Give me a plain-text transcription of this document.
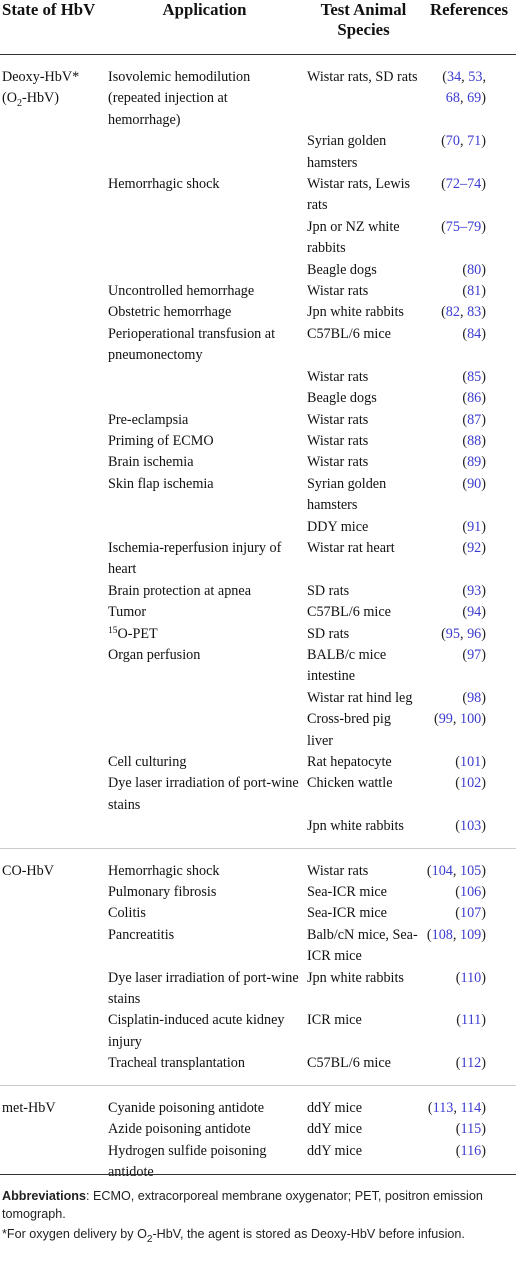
State of HbV	Application	Test Animal Species	References
Deoxy-HbV*
$(O_2-HbV)$	Isovolemic hemodilution (repeated injection at hemorrhage)	Wistar rats, SD rats	(34, 53, 68, 69)
		Syrian golden hamsters	(70, 71)
	Hemorrhagic shock	Wistar rats, Lewis rats	(72–74)
		Jpn or NZ white rabbits	(75–79)
		Beagle dogs	(80)
	Uncontrolled hemorrhage	Wistar rats	(81)
	Obstetric hemorrhage	Jpn white rabbits	(82, 83)
	Perioperational transfusion at pneumonectomy	C57BL/6 mice	(84)
		Wistar rats	(85)
		Beagle dogs	(86)
	Pre-eclampsia	Wistar rats	(87)
	Priming of ECMO	Wistar rats	(88)
	Brain ischemia	Wistar rats	(89)
	Skin flap ischemia	Syrian golden hamsters	(90)
		DDY mice	(91)
	Ischemia-reperfusion injury of heart	Wistar rat heart	(92)
	Brain protection at apnea	SD rats	(93)
	Tumor	C57BL/6 mice	(94)
	$^{15}$O-PET	SD rats	(95, 96)
	Organ perfusion	BALB/c mice intestine	(97)
		Wistar rat hind leg	(98)
		Cross-bred pig liver	(99, 100)
	Cell culturing	Rat hepatocyte	(101)
	Dye laser irradiation of port-wine stains	Chicken wattle	(102)
		Jpn white rabbits	(103)
CO-HbV	Hemorrhagic shock	Wistar rats	(104, 105)
	Pulmonary fibrosis	Sea-ICR mice	(106)
	Colitis	Sea-ICR mice	(107)
	Pancreatitis	Balb/cN mice, Sea-ICR mice	(108, 109)
	Dye laser irradiation of port-wine stains	Jpn white rabbits	(110)
	Cisplatin-induced acute kidney injury	ICR mice	(111)
	Tracheal transplantation	C57BL/6 mice	(112)
met-HbV	Cyanide poisoning antidote	ddY mice	(113, 114)
	Azide poisoning antidote	ddY mice	(115)
	Hydrogen sulfide poisoning antidote	ddY mice	(116)

Abbreviations: ECMO, extracorporeal membrane oxygenator; PET, positron emission tomograph.

*For oxygen delivery by $O_2$-HbV, the agent is stored as Deoxy-HbV before infusion.
